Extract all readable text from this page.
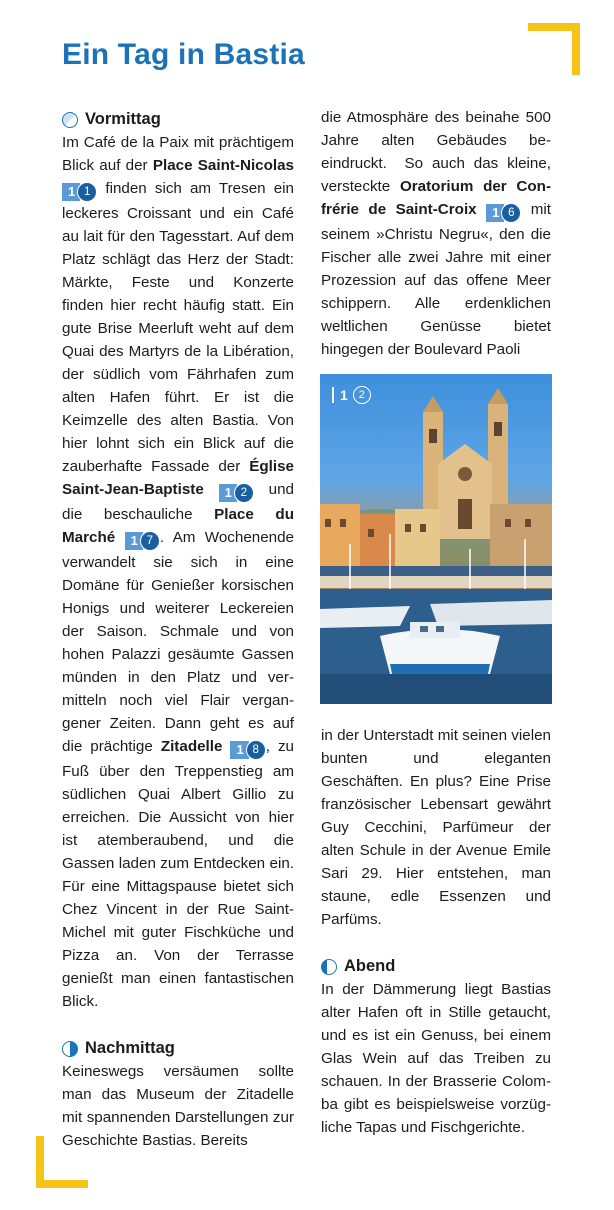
Ein Tag in Bastia
Vormittag

Im Café de la Paix mit prächtigem Blick auf der Place Saint-Nicolas
1 1 finden sich am Tresen ein leckeres Croissant und ein Café au lait für den Tagesstart. Auf dem Platz schlägt das Herz der Stadt: Märkte, Feste und Konzerte finden hier recht häufig statt. Ein gute Brise Meerluft weht auf dem Quai des Martyrs de la Libération, der südlich vom Fährhafen zum alten Hafen führt. Er ist die Keimzelle des alten Bastia. Von hier lohnt sich ein Blick auf die zauberhafte Fassade der Église Saint-Jean-Baptiste	1 2 und die beschauliche Place du Marché	1 7 . Am Wochenende verwandelt sie sich in eine Domäne für Genießer korsischen Honigs und weiterer Leckereien der Saison. Schmale und von hohen Palazzi gesäumte Gassen münden in den Platz und vermitteln noch viel Flair vergangener Zeiten. Dann geht es auf die prächtige Zitadelle	1 8 , zu Fuß über den Treppenstieg am südlichen Quai Albert Gillio zu erreichen. Die Aussicht von hier ist atemberaubend, und die Gassen laden zum Entdecken ein. Für eine Mittagspause bietet sich Chez Vincent in der Rue Saint-Michel mit guter Fischküche und Pizza an. Von der Terrasse genießt man einen fantastischen Blick.

Nachmittag

Keineswegs versäumen sollte man das Museum der Zitadelle mit spannenden Darstellungen zur Geschichte Bastias. Bereits

die Atmosphäre des beinahe 500 Jahre alten Gebäudes beeindruckt.  So auch das kleine, versteckte Oratorium der Confrérie de Saint-Croix	1 6 mit seinem »Christu Negru«, den die Fischer alle zwei Jahre mit einer Prozession auf das offene Meer schippern. Alle erdenklichen weltlichen Genüsse bietet hingegen der Boulevard Paoli

1 2

in der Unterstadt mit seinen vielen bunten und eleganten Geschäften. En plus? Eine Prise französischer Lebensart gewährt Guy Cecchini, Parfümeur der alten Schule in der Avenue Emile Sari 29. Hier entstehen, man staune, edle Essenzen und Parfüms.

Abend

In der Dämmerung liegt Bastias alter Hafen oft in Stille getaucht, und es ist ein Genuss, bei einem Glas Wein auf das Treiben zu schauen. In der Brasserie Colomba gibt es beispielsweise vorzügliche Tapas und Fischgerichte.
